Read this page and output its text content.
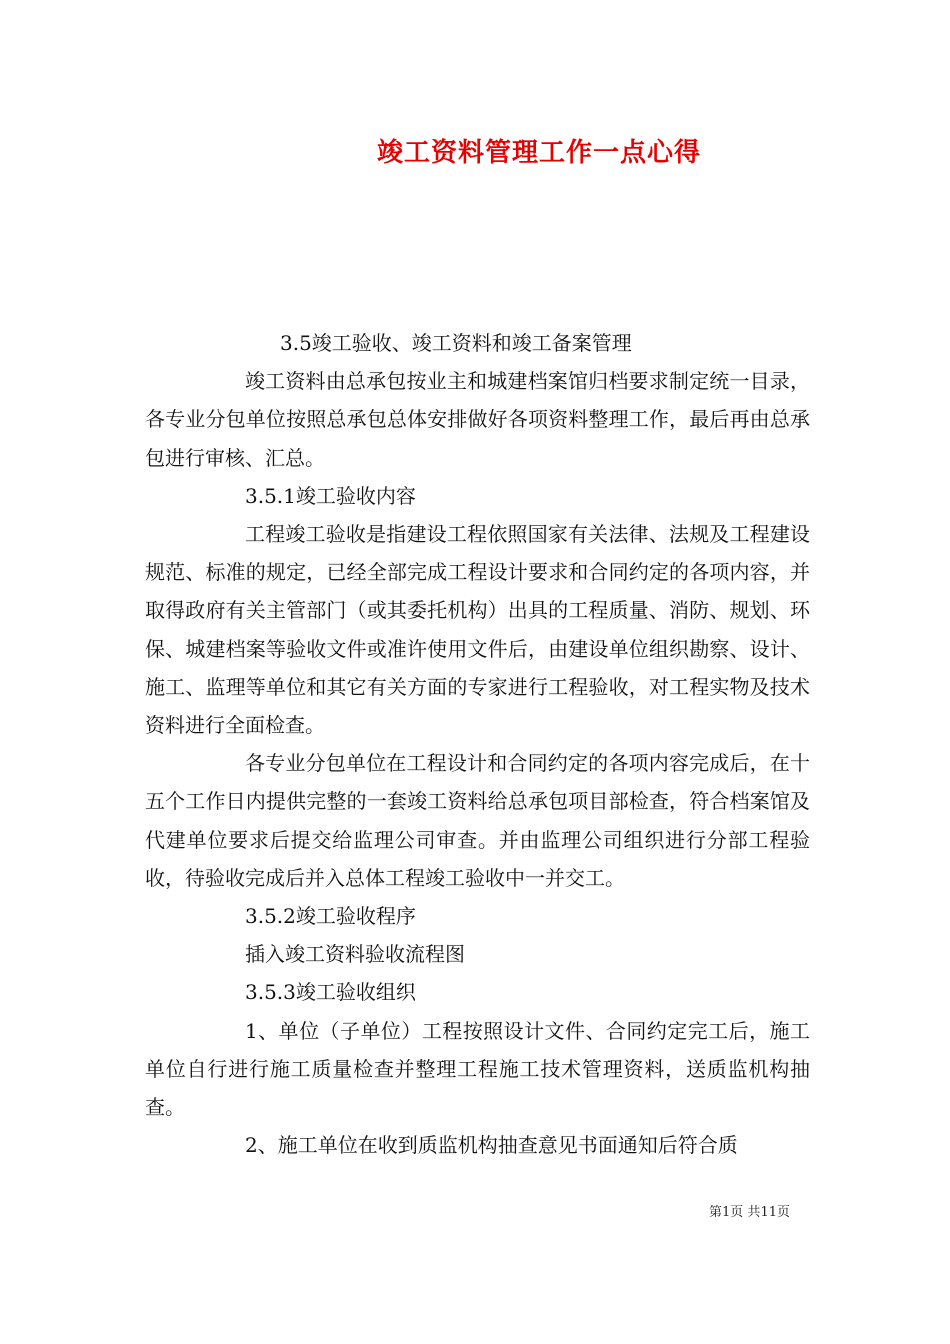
竣工资料管理工作一点心得

3.5竣工验收、竣工资料和竣工备案管理

竣工资料由总承包按业主和城建档案馆归档要求制定统一目录，各专业分包单位按照总承包总体安排做好各项资料整理工作，最后再由总承包进行审核、汇总。

3.5.1竣工验收内容

工程竣工验收是指建设工程依照国家有关法律、法规及工程建设规范、标准的规定，已经全部完成工程设计要求和合同约定的各项内容，并取得政府有关主管部门（或其委托机构）出具的工程质量、消防、规划、环保、城建档案等验收文件或准许使用文件后，由建设单位组织勘察、设计、施工、监理等单位和其它有关方面的专家进行工程验收，对工程实物及技术资料进行全面检查。

各专业分包单位在工程设计和合同约定的各项内容完成后，在十五个工作日内提供完整的一套竣工资料给总承包项目部检查，符合档案馆及代建单位要求后提交给监理公司审查。并由监理公司组织进行分部工程验收，待验收完成后并入总体工程竣工验收中一并交工。

3.5.2竣工验收程序

插入竣工资料验收流程图

3.5.3竣工验收组织

1、单位（子单位）工程按照设计文件、合同约定完工后，施工单位自行进行施工质量检查并整理工程施工技术管理资料，送质监机构抽查。

2、施工单位在收到质监机构抽查意见书面通知后符合质

第1页 共11页
